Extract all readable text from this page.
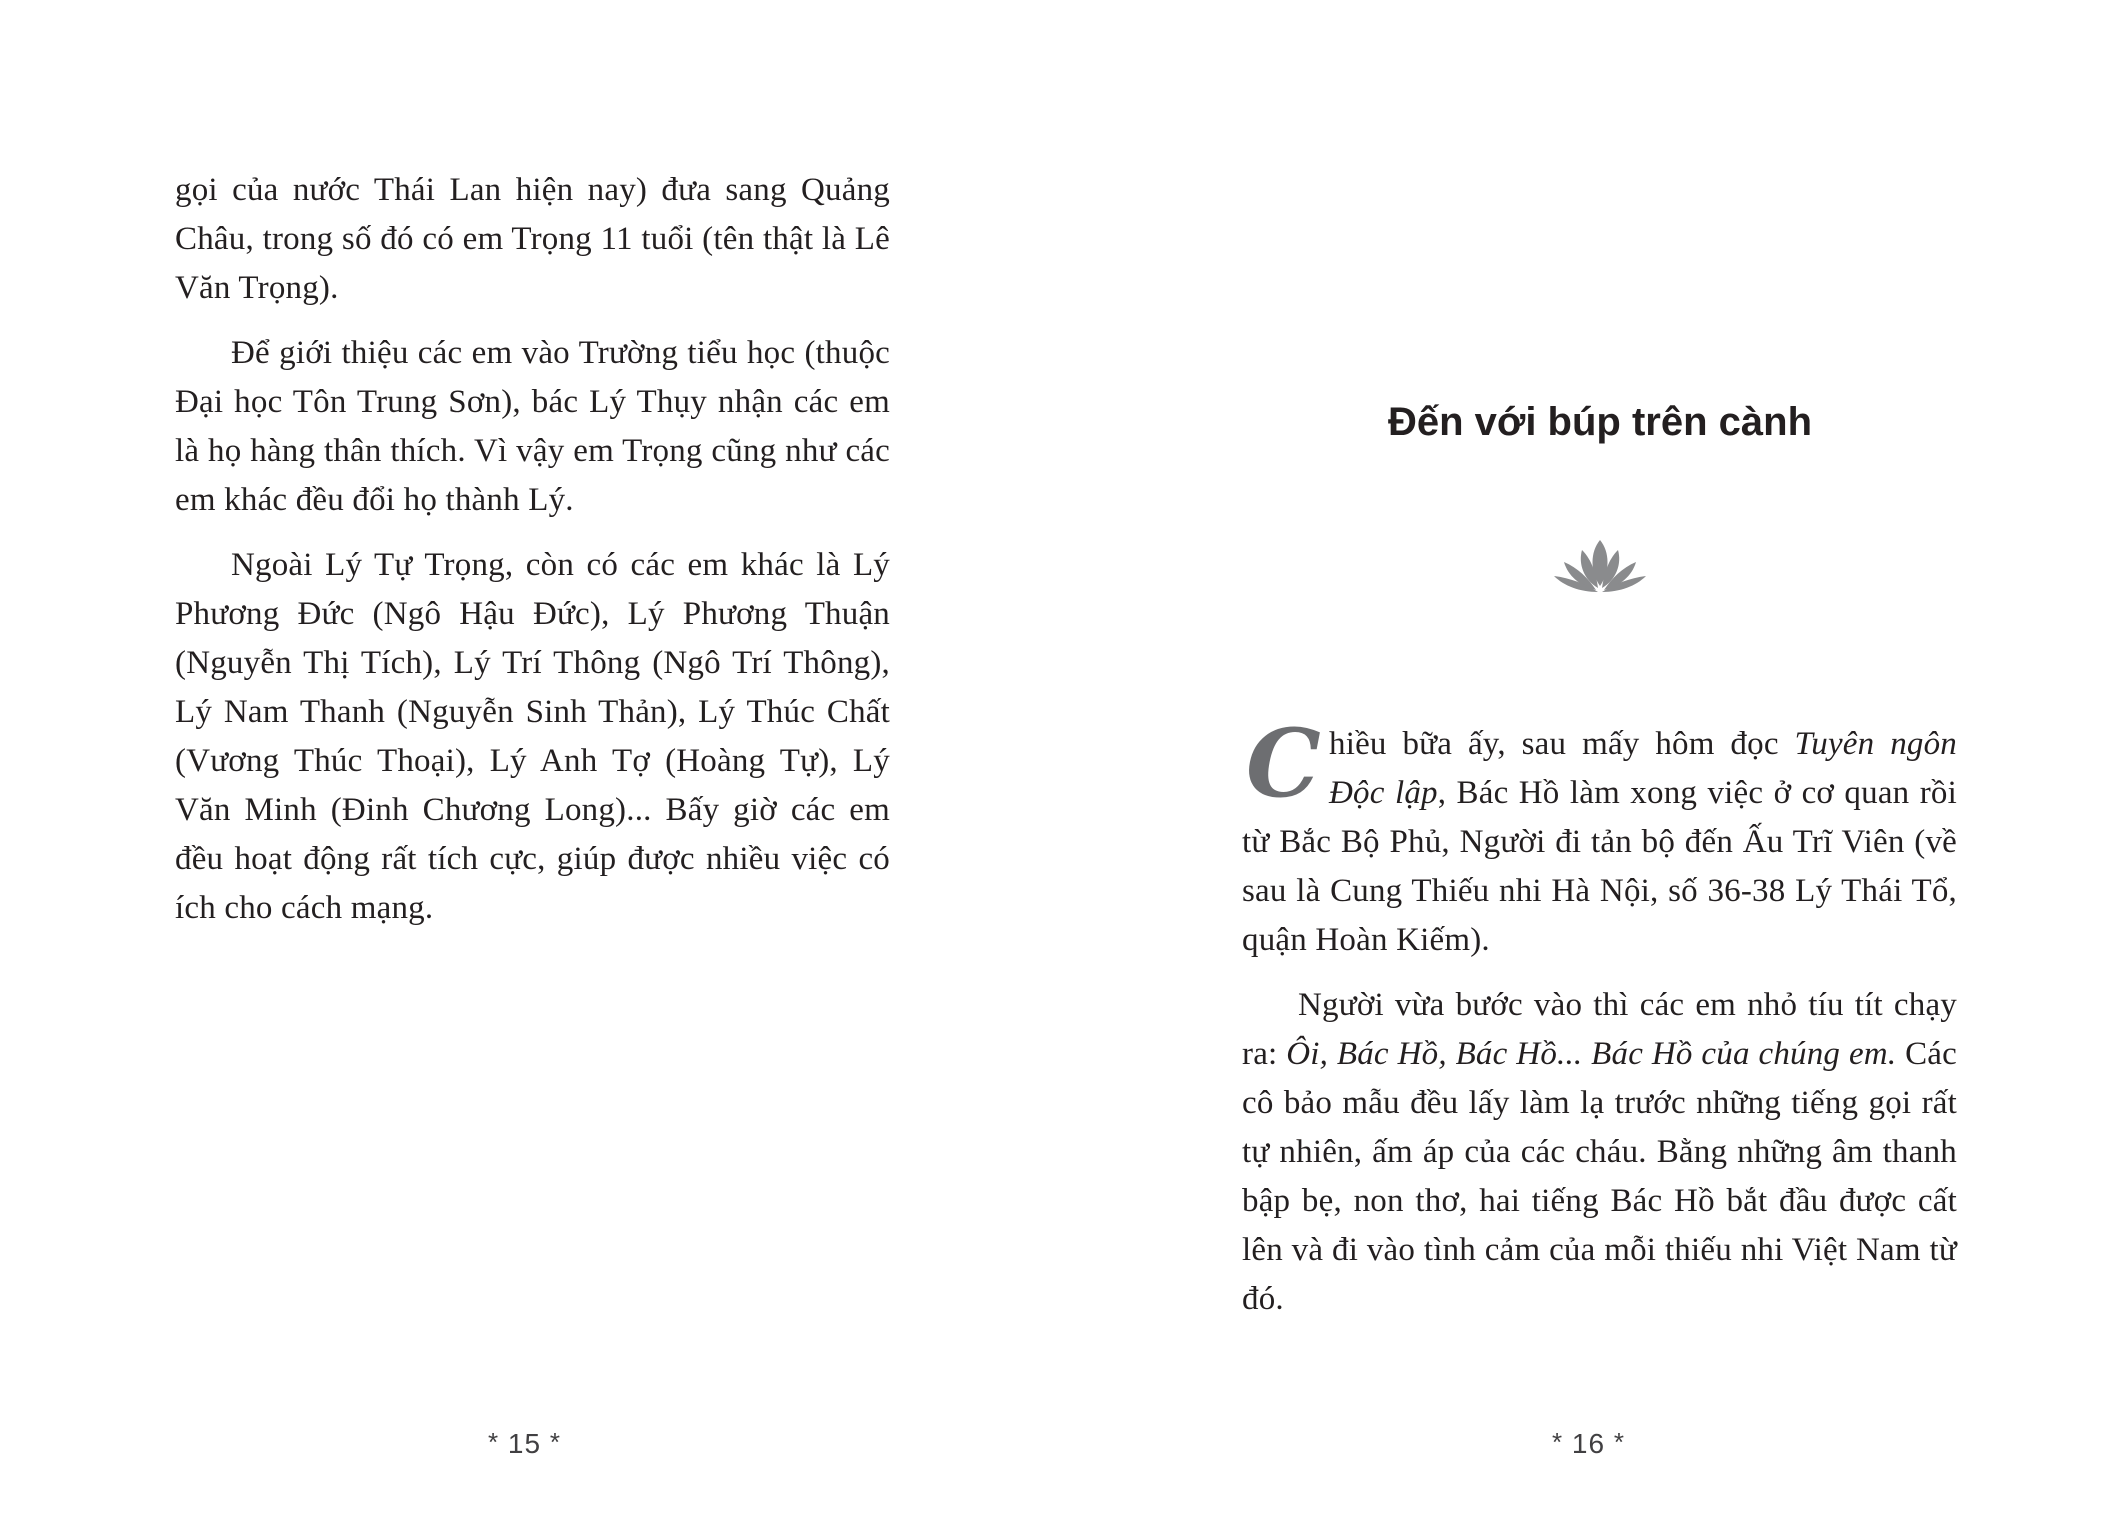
gọi của nước Thái Lan hiện nay) đưa sang Quảng Châu, trong số đó có em Trọng 11 tuổi (tên thật là Lê Văn Trọng).

Để giới thiệu các em vào Trường tiểu học (thuộc Đại học Tôn Trung Sơn), bác Lý Thụy nhận các em là họ hàng thân thích. Vì vậy em Trọng cũng như các em khác đều đổi họ thành Lý.

Ngoài Lý Tự Trọng, còn có các em khác là Lý Phương Đức (Ngô Hậu Đức), Lý Phương Thuận (Nguyễn Thị Tích), Lý Trí Thông (Ngô Trí Thông), Lý Nam Thanh (Nguyễn Sinh Thản), Lý Thúc Chất (Vương Thúc Thoại), Lý Anh Tợ (Hoàng Tự), Lý Văn Minh (Đinh Chương Long)... Bấy giờ các em đều hoạt động rất tích cực, giúp được nhiều việc có ích cho cách mạng.

* 15 *
Đến với búp trên cành

Chiều bữa ấy, sau mấy hôm đọc Tuyên ngôn Độc lập, Bác Hồ làm xong việc ở cơ quan rồi từ Bắc Bộ Phủ, Người đi tản bộ đến Ấu Trĩ Viên (về sau là Cung Thiếu nhi Hà Nội, số 36-38 Lý Thái Tổ, quận Hoàn Kiếm).

Người vừa bước vào thì các em nhỏ tíu tít chạy ra: Ôi, Bác Hồ, Bác Hồ... Bác Hồ của chúng em. Các cô bảo mẫu đều lấy làm lạ trước những tiếng gọi rất tự nhiên, ấm áp của các cháu. Bằng những âm thanh bập bẹ, non thơ, hai tiếng Bác Hồ bắt đầu được cất lên và đi vào tình cảm của mỗi thiếu nhi Việt Nam từ đó.

* 16 *
